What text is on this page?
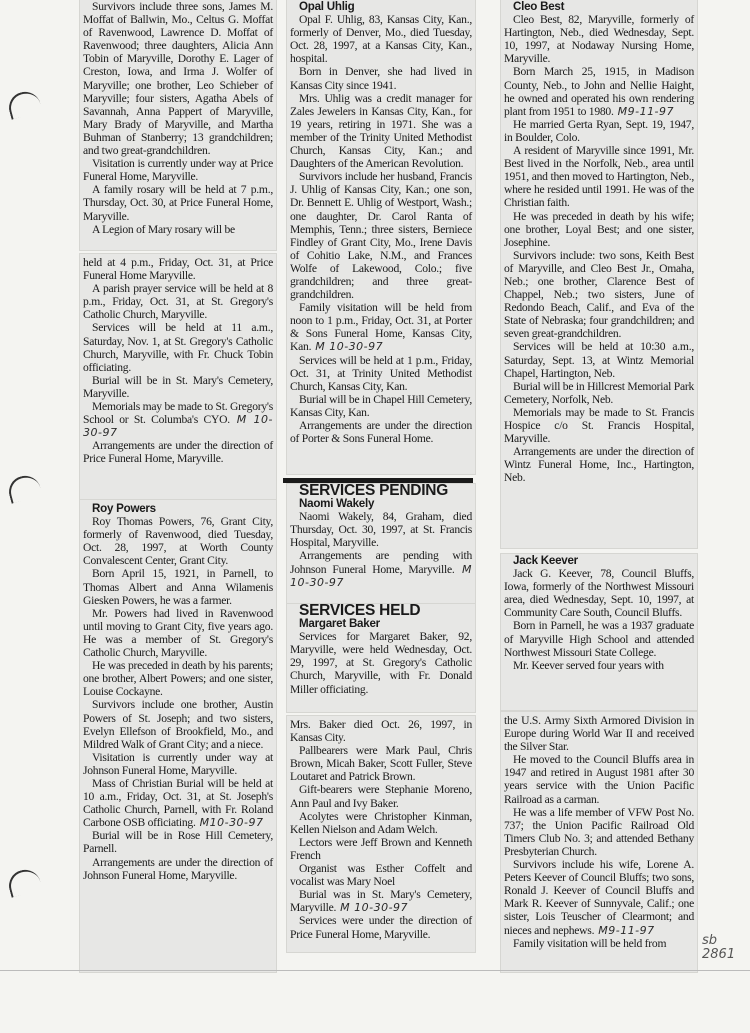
Survivors include three sons, James M. Moffat of Ballwin, Mo., Celtus G. Moffat of Ravenwood, Lawrence D. Moffat of Ravenwood; three daughters, Alicia Ann Tobin of Maryville, Dorothy E. Lager of Creston, Iowa, and Irma J. Wolfer of Maryville; one brother, Leo Schieber of Maryville; four sisters, Agatha Abels of Savannah, Anna Pappert of Maryville, Mary Brady of Maryville, and Martha Buhman of Stanberry; 13 grandchildren; and two great-grandchildren.

Visitation is currently under way at Price Funeral Home, Maryville.

A family rosary will be held at 7 p.m., Thursday, Oct. 30, at Price Funeral Home, Maryville.

A Legion of Mary rosary will be

held at 4 p.m., Friday, Oct. 31, at Price Funeral Home Maryville.

A parish prayer service will be held at 8 p.m., Friday, Oct. 31, at St. Gregory's Catholic Church, Maryville.

Services will be held at 11 a.m., Saturday, Nov. 1, at St. Gregory's Catholic Church, Maryville, with Fr. Chuck Tobin officiating.

Burial will be in St. Mary's Cemetery, Maryville.

Memorials may be made to St. Gregory's School or St. Columba's CYO. M 10-30-97

Arrangements are under the direction of Price Funeral Home, Maryville.

Roy Powers

Roy Thomas Powers, 76, Grant City, formerly of Ravenwood, died Tuesday, Oct. 28, 1997, at Worth County Convalescent Center, Grant City.

Born April 15, 1921, in Parnell, to Thomas Albert and Anna Wilamenis Giesken Powers, he was a farmer.

Mr. Powers had lived in Ravenwood until moving to Grant City, five years ago. He was a member of St. Gregory's Catholic Church, Maryville.

He was preceded in death by his parents; one brother, Albert Powers; and one sister, Louise Cockayne.

Survivors include one brother, Austin Powers of St. Joseph; and two sisters, Evelyn Ellefson of Brookfield, Mo., and Mildred Walk of Grant City; and a niece.

Visitation is currently under way at Johnson Funeral Home, Maryville.

Mass of Christian Burial will be held at 10 a.m., Friday, Oct. 31, at St. Joseph's Catholic Church, Parnell, with Fr. Roland Carbone OSB officiating. M10-30-97

Burial will be in Rose Hill Cemetery, Parnell.

Arrangements are under the direction of Johnson Funeral Home, Maryville.

Opal Uhlig

Opal F. Uhlig, 83, Kansas City, Kan., formerly of Denver, Mo., died Tuesday, Oct. 28, 1997, at a Kansas City, Kan., hospital.

Born in Denver, she had lived in Kansas City since 1941.

Mrs. Uhlig was a credit manager for Zales Jewelers in Kansas City, Kan., for 19 years, retiring in 1971. She was a member of the Trinity United Methodist Church, Kansas City, Kan.; and Daughters of the American Revolution.

Survivors include her husband, Francis J. Uhlig of Kansas City, Kan.; one son, Dr. Bennett E. Uhlig of Westport, Wash.; one daughter, Dr. Carol Ranta of Memphis, Tenn.; three sisters, Berniece Findley of Grant City, Mo., Irene Davis of Cohitio Lake, N.M., and Frances Wolfe of Lakewood, Colo.; five grandchildren; and three great-grandchildren.

Family visitation will be held from noon to 1 p.m., Friday, Oct. 31, at Porter & Sons Funeral Home, Kansas City, Kan. M 10-30-97

Services will be held at 1 p.m., Friday, Oct. 31, at Trinity United Methodist Church, Kansas City, Kan.

Burial will be in Chapel Hill Cemetery, Kansas City, Kan.

Arrangements are under the direction of Porter & Sons Funeral Home.

SERVICES PENDING

Naomi Wakely

Naomi Wakely, 84, Graham, died Thursday, Oct. 30, 1997, at St. Francis Hospital, Maryville.

Arrangements are pending with Johnson Funeral Home, Maryville. M 10-30-97

SERVICES HELD

Margaret Baker

Services for Margaret Baker, 92, Maryville, were held Wednesday, Oct. 29, 1997, at St. Gregory's Catholic Church, Maryville, with Fr. Donald Miller officiating.

Mrs. Baker died Oct. 26, 1997, in Kansas City.

Pallbearers were Mark Paul, Chris Brown, Micah Baker, Scott Fuller, Steve Loutaret and Patrick Brown.

Gift-bearers were Stephanie Moreno, Ann Paul and Ivy Baker.

Acolytes were Christopher Kinman, Kellen Nielson and Adam Welch.

Lectors were Jeff Brown and Kenneth French

Organist was Esther Coffelt and vocalist was Mary Noel

Burial was in St. Mary's Cemetery, Maryville. M 10-30-97

Services were under the direction of Price Funeral Home, Maryville.

Cleo Best

Cleo Best, 82, Maryville, formerly of Hartington, Neb., died Wednesday, Sept. 10, 1997, at Nodaway Nursing Home, Maryville.

Born March 25, 1915, in Madison County, Neb., to John and Nellie Haight, he owned and operated his own rendering plant from 1951 to 1980. M9-11-97

He married Gerta Ryan, Sept. 19, 1947, in Boulder, Colo.

A resident of Maryville since 1991, Mr. Best lived in the Norfolk, Neb., area until 1951, and then moved to Hartington, Neb., where he resided until 1991. He was of the Christian faith.

He was preceded in death by his wife; one brother, Loyal Best; and one sister, Josephine.

Survivors include: two sons, Keith Best of Maryville, and Cleo Best Jr., Omaha, Neb.; one brother, Clarence Best of Chappel, Neb.; two sisters, June of Redondo Beach, Calif., and Eva of the State of Nebraska; four grandchildren; and seven great-grandchildren.

Services will be held at 10:30 a.m., Saturday, Sept. 13, at Wintz Memorial Chapel, Hartington, Neb.

Burial will be in Hillcrest Memorial Park Cemetery, Norfolk, Neb.

Memorials may be made to St. Francis Hospice c/o St. Francis Hospital, Maryville.

Arrangements are under the direction of Wintz Funeral Home, Inc., Hartington, Neb.

Jack Keever

Jack G. Keever, 78, Council Bluffs, Iowa, formerly of the Northwest Missouri area, died Wednesday, Sept. 10, 1997, at Community Care South, Council Bluffs.

Born in Parnell, he was a 1937 graduate of Maryville High School and attended Northwest Missouri State College.

Mr. Keever served four years with

the U.S. Army Sixth Armored Division in Europe during World War II and received the Silver Star.

He moved to the Council Bluffs area in 1947 and retired in August 1981 after 30 years service with the Union Pacific Railroad as a carman.

He was a life member of VFW Post No. 737; the Union Pacific Railroad Old Timers Club No. 3; and attended Bethany Presbyterian Church.

Survivors include his wife, Lorene A. Peters Keever of Council Bluffs; two sons, Ronald J. Keever of Council Bluffs and Mark R. Keever of Sunnyvale, Calif.; one sister, Lois Teuscher of Clearmont; and nieces and nephews. M9-11-97

Family visitation will be held from	sb
2861
